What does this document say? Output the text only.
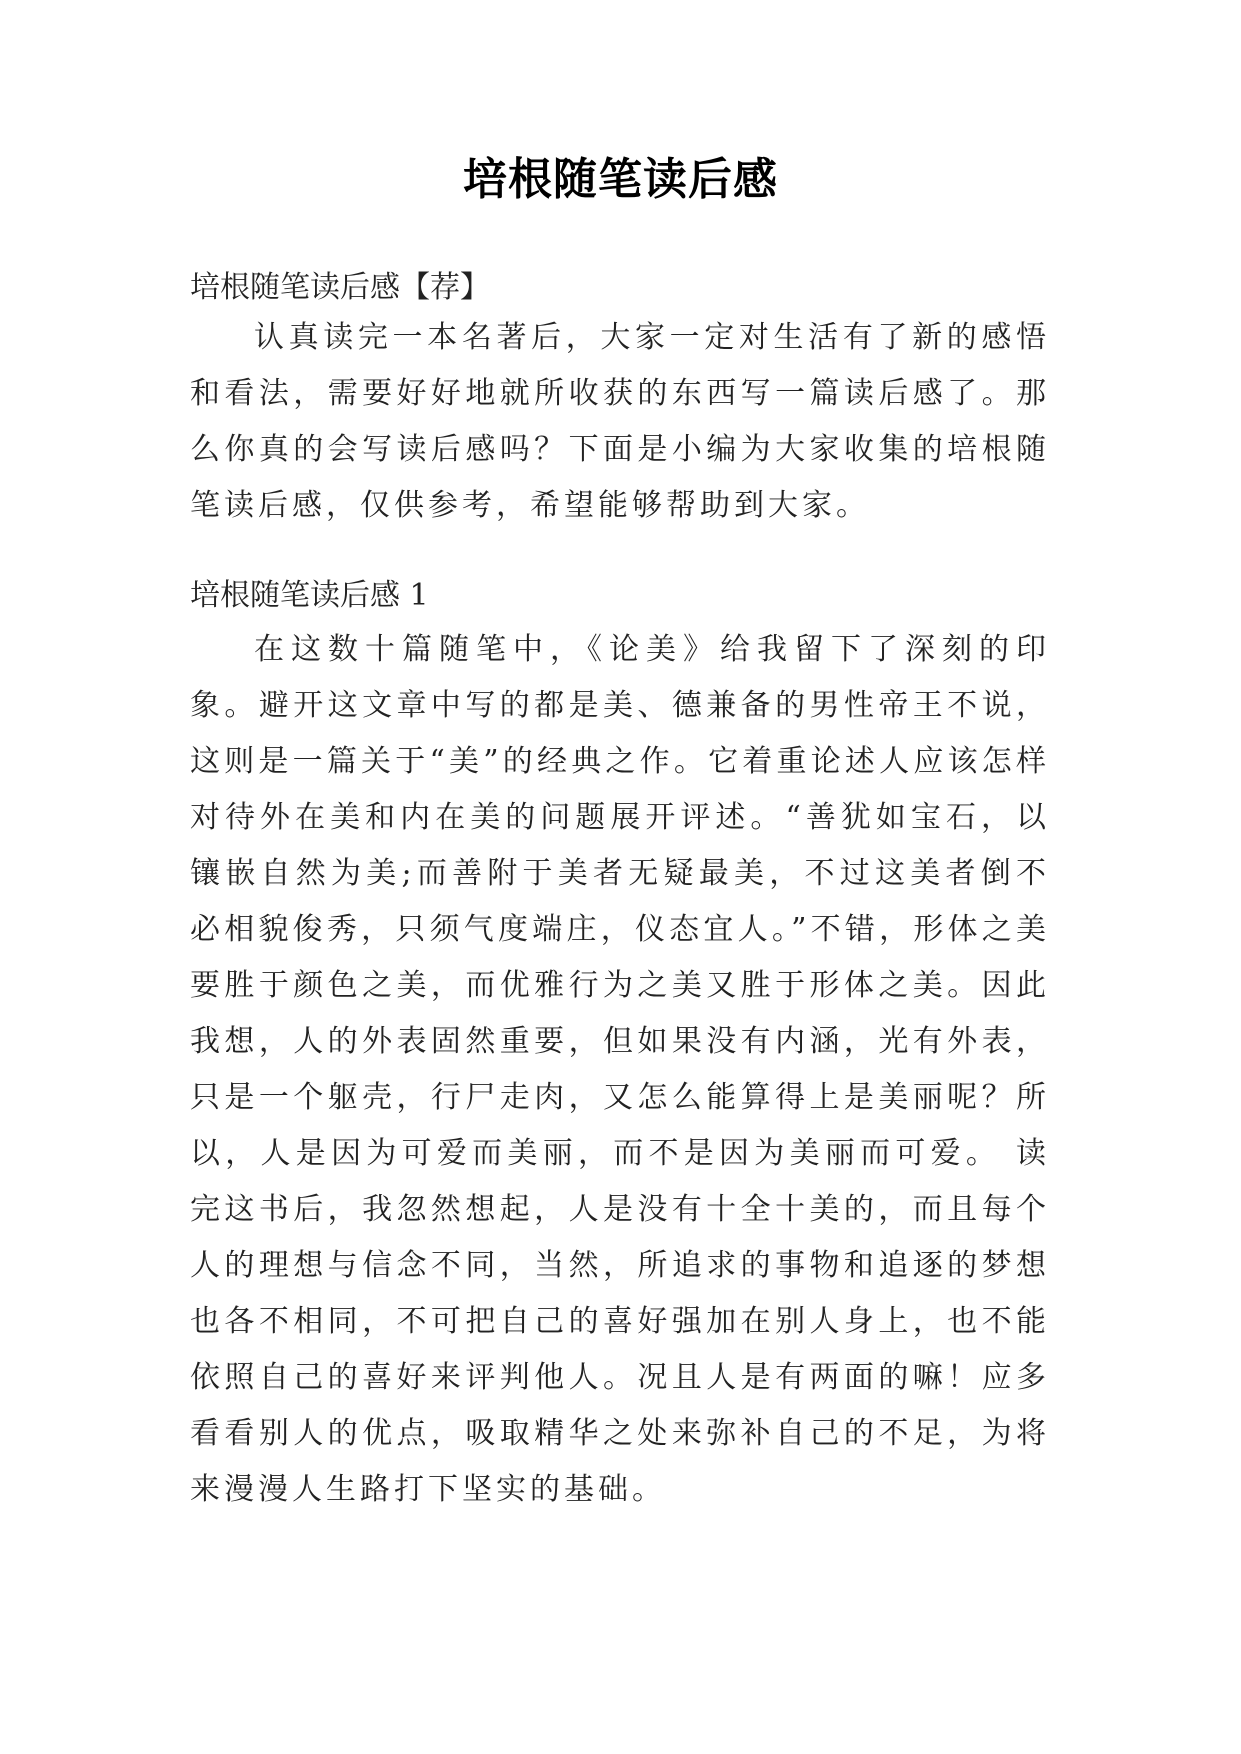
培根随笔读后感

培根随笔读后感【荐】

认真读完一本名著后，大家一定对生活有了新的感悟和看法，需要好好地就所收获的东西写一篇读后感了。那么你真的会写读后感吗？下面是小编为大家收集的培根随笔读后感，仅供参考，希望能够帮助到大家。

培根随笔读后感 1

在这数十篇随笔中，《论美》给我留下了深刻的印象。避开这文章中写的都是美、德兼备的男性帝王不说，这则是一篇关于“美”的经典之作。它着重论述人应该怎样对待外在美和内在美的问题展开评述。“善犹如宝石，以镶嵌自然为美;而善附于美者无疑最美，不过这美者倒不必相貌俊秀，只须气度端庄，仪态宜人。”不错，形体之美要胜于颜色之美，而优雅行为之美又胜于形体之美。因此我想，人的外表固然重要，但如果没有内涵，光有外表，只是一个躯壳，行尸走肉，又怎么能算得上是美丽呢？所以，人是因为可爱而美丽，而不是因为美丽而可爱。 读完这书后，我忽然想起，人是没有十全十美的，而且每个人的理想与信念不同，当然，所追求的事物和追逐的梦想也各不相同，不可把自己的喜好强加在别人身上，也不能依照自己的喜好来评判他人。况且人是有两面的嘛！应多看看别人的优点，吸取精华之处来弥补自己的不足，为将来漫漫人生路打下坚实的基础。
